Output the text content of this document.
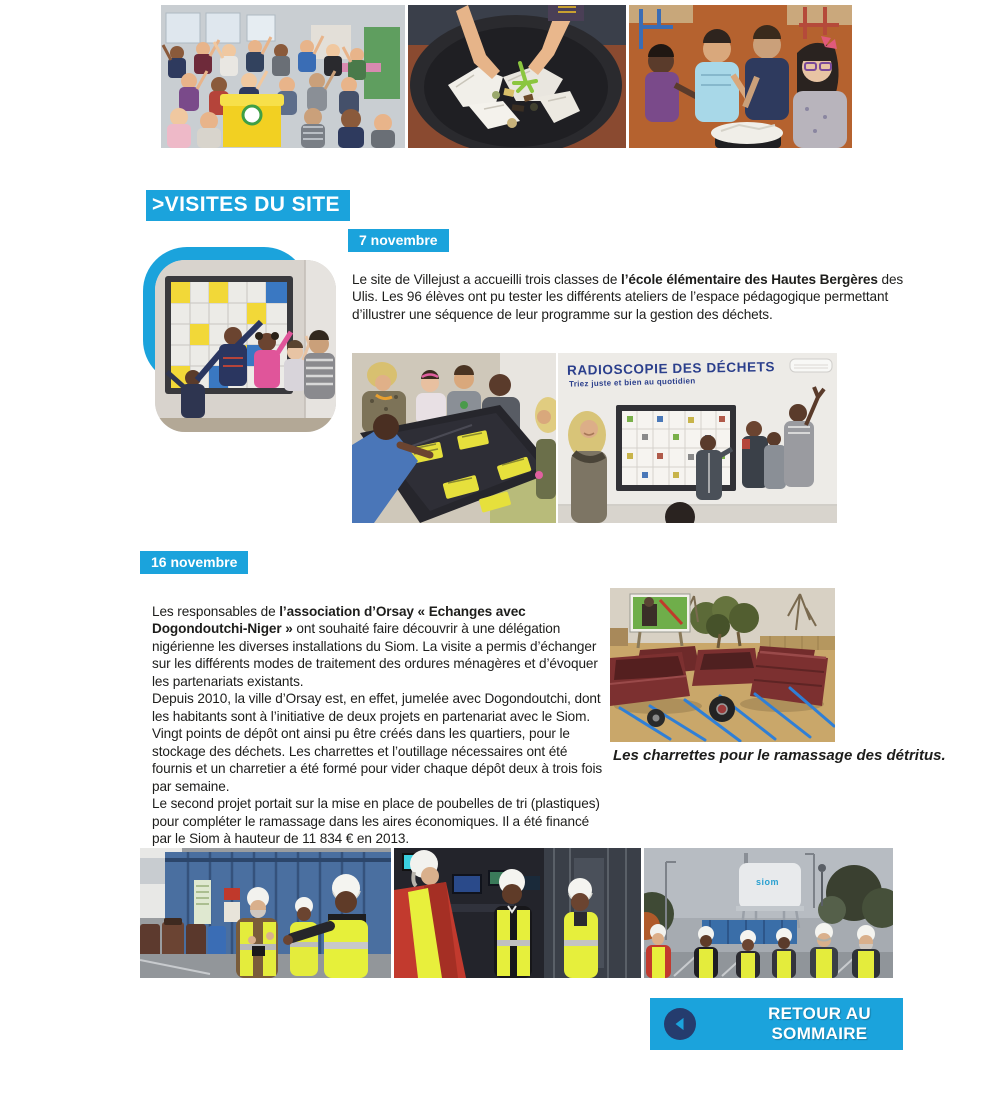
>VISITES DU SITE
7 novembre

Le site de Villejust a accueilli trois classes de l’école élémentaire des Hautes Bergères des Ulis. Les 96 élèves ont pu tester les différents ateliers de l’espace pédagogique permettant d’illustrer une séquence de leur programme sur la gestion des déchets.

RADIOSCOPIE DES DÉCHETS
Triez juste et bien au quotidien
16 novembre

Les responsables de l’association d’Orsay « Echanges avec Dogondoutchi-Niger » ont souhaité faire découvrir à une délégation nigérienne les diverses installations du Siom. La visite a permis d’échanger sur les différents modes de traitement des ordures ménagères et d’évoquer les partenariats existants.
Depuis 2010, la ville d’Orsay est, en effet, jumelée avec Dogondoutchi, dont les habitants sont à l’initiative de deux projets en partenariat avec le Siom. Vingt points de dépôt ont ainsi pu être créés dans les quartiers, pour le stockage des déchets. Les charrettes et l’outillage nécessaires ont été fournis et un charretier a été formé pour vider chaque dépôt deux à trois fois par semaine.
Le second projet portait sur la mise en place de poubelles de tri (plastiques) pour compléter le ramassage dans les aires économiques. Il a été financé par le Siom à hauteur de 11 834 € en 2013.

Les charrettes pour le ramassage des détritus.
siom
RETOUR AU SOMMAIRE
